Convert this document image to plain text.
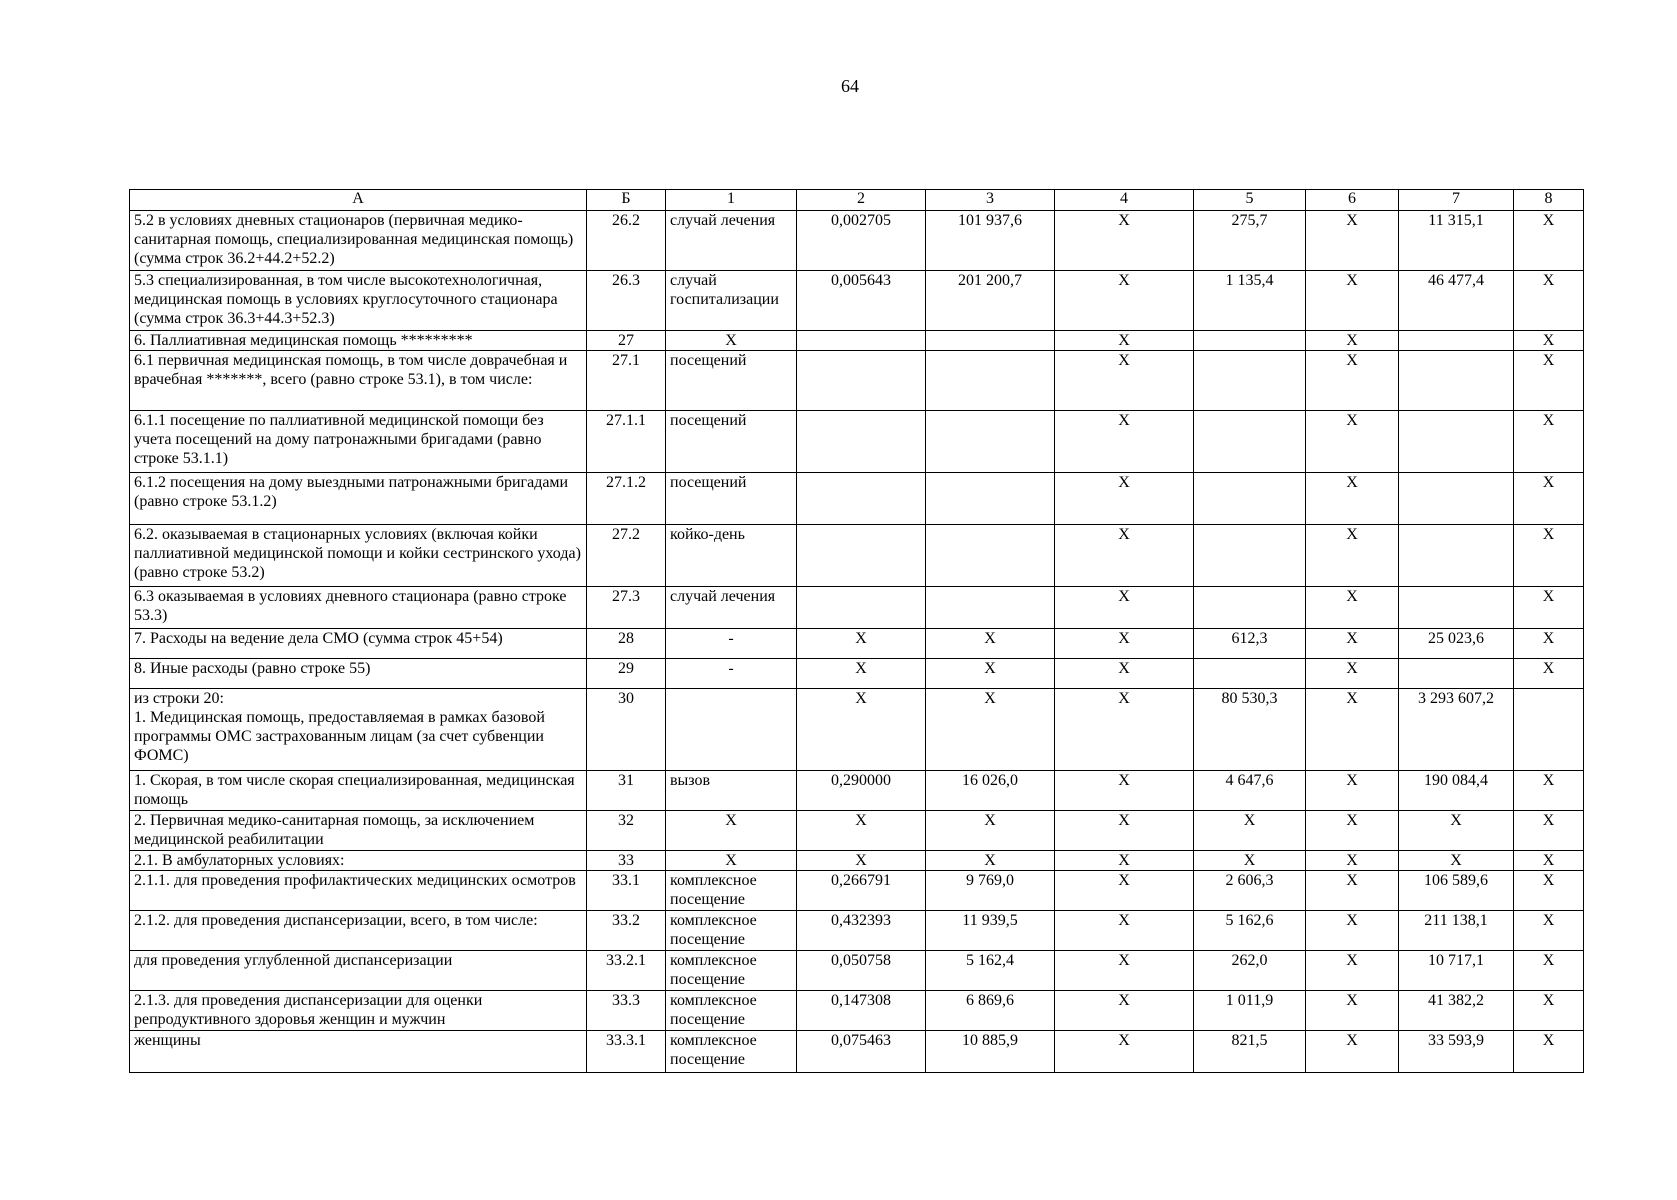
64
А	Б	1	2	3	4	5	6	7	8
5.2 в условиях дневных стационаров (первичная медико-санитарная помощь, специализированная медицинская помощь) (сумма строк 36.2+44.2+52.2)	26.2	случай лечения	0,002705	101 937,6	X	275,7	X	11 315,1	X
5.3 специализированная, в том числе высокотехнологичная, медицинская помощь в условиях круглосуточного стационара (сумма строк 36.3+44.3+52.3)	26.3	случай госпитализации	0,005643	201 200,7	X	1 135,4	X	46 477,4	X
6. Паллиативная медицинская помощь *********	27	X			X		X		X
6.1 первичная медицинская помощь, в том числе доврачебная и врачебная *******, всего (равно строке 53.1), в том числе:	27.1	посещений			X		X		X
6.1.1 посещение по паллиативной медицинской помощи без учета посещений на дому патронажными бригадами (равно строке 53.1.1)	27.1.1	посещений			X		X		X
6.1.2 посещения на дому выездными патронажными бригадами (равно строке 53.1.2)	27.1.2	посещений			X		X		X
6.2. оказываемая в стационарных условиях (включая койки паллиативной медицинской помощи и койки сестринского ухода) (равно строке 53.2)	27.2	койко-день			X		X		X
6.3 оказываемая в условиях дневного стационара (равно строке 53.3)	27.3	случай лечения			X		X		X
7. Расходы на ведение дела СМО (сумма строк 45+54)	28	-	X	X	X	612,3	X	25 023,6	X
8. Иные расходы (равно строке 55)	29	-	X	X	X		X		X

из строки 20:
1. Медицинская помощь, предоставляемая в рамках базовой программы ОМС застрахованным лицам (за счет субвенции ФОМС)	30		X	X	X	80 530,3	X	3 293 607,2	
1. Скорая, в том числе скорая специализированная, медицинская помощь	31	вызов	0,290000	16 026,0	X	4 647,6	X	190 084,4	X
2. Первичная медико-санитарная помощь, за исключением медицинской реабилитации	32	X	X	X	X	X	X	X	X
2.1. В амбулаторных условиях:	33	X	X	X	X	X	X	X	X
2.1.1. для проведения профилактических медицинских осмотров	33.1	комплексное посещение	0,266791	9 769,0	X	2 606,3	X	106 589,6	X
2.1.2. для проведения диспансеризации, всего, в том числе:	33.2	комплексное посещение	0,432393	11 939,5	X	5 162,6	X	211 138,1	X
для проведения углубленной диспансеризации	33.2.1	комплексное посещение	0,050758	5 162,4	X	262,0	X	10 717,1	X
2.1.3. для проведения диспансеризации для оценки репродуктивного здоровья женщин и мужчин	33.3	комплексное посещение	0,147308	6 869,6	X	1 011,9	X	41 382,2	X
женщины	33.3.1	комплексное посещение	0,075463	10 885,9	X	821,5	X	33 593,9	X
